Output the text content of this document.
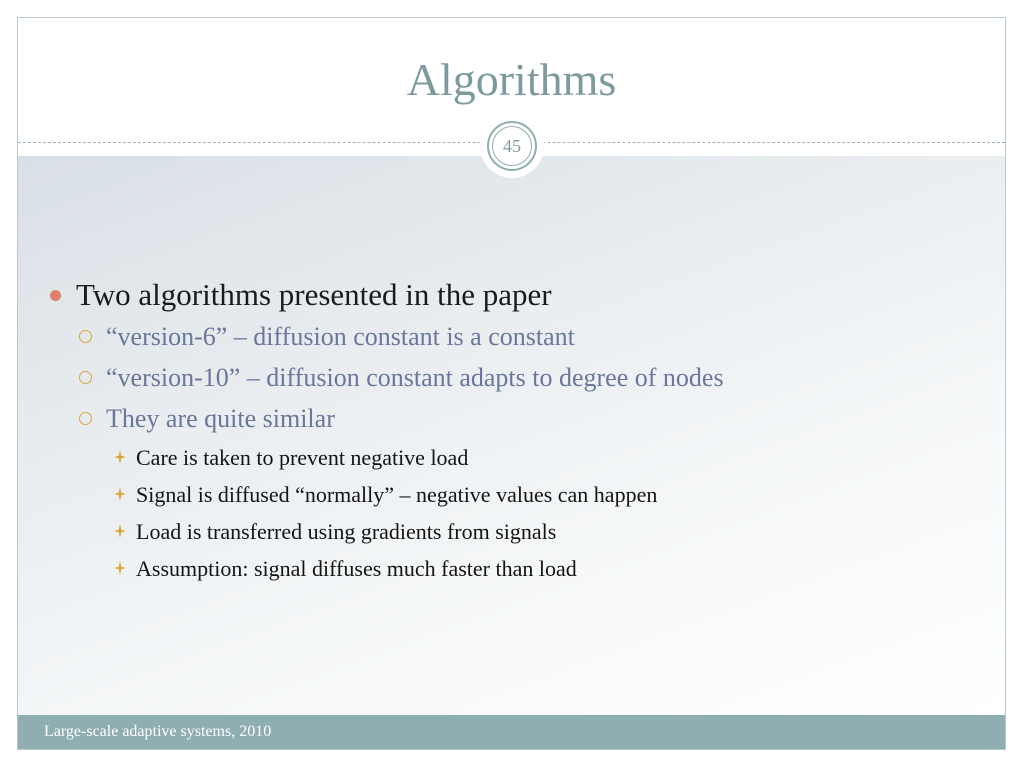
Algorithms
45
Two algorithms presented in the paper
“version-6” – diffusion constant is a constant
“version-10” – diffusion constant adapts to degree of nodes
They are quite similar
Care is taken to prevent negative load
Signal is diffused “normally” – negative values can happen
Load is transferred using gradients from signals
Assumption: signal diffuses much faster than load
Large-scale adaptive systems, 2010
